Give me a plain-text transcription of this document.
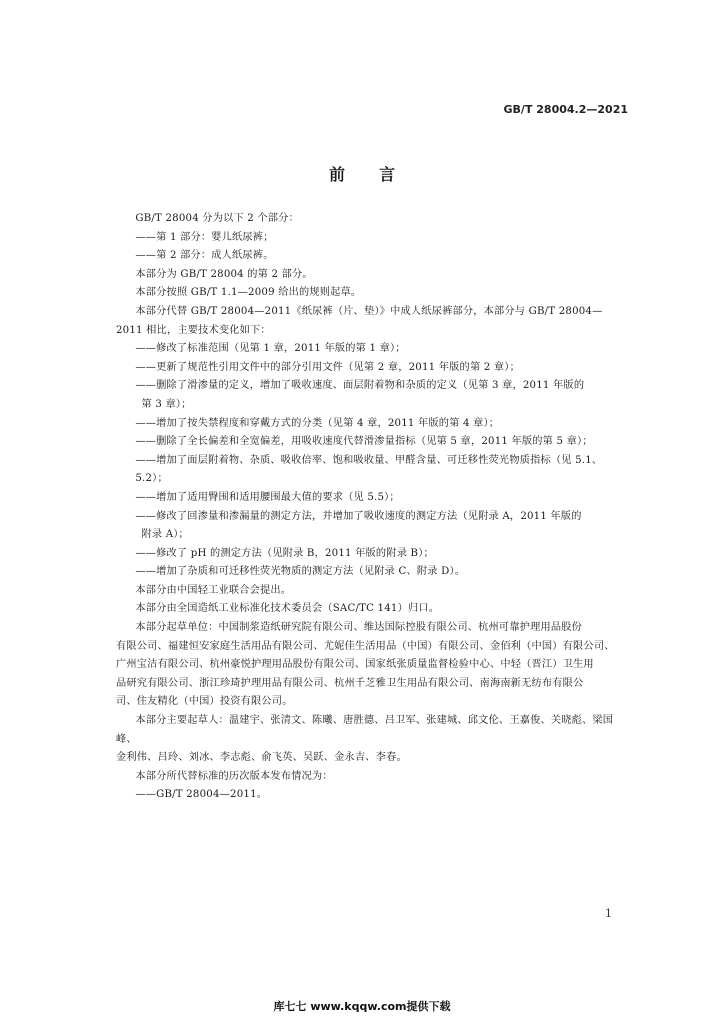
GB/T 28004.2—2021
前言

GB/T 28004 分为以下 2 个部分：

——第 1 部分：婴儿纸尿裤；

——第 2 部分：成人纸尿裤。

本部分为 GB/T 28004 的第 2 部分。

本部分按照 GB/T 1.1—2009 给出的规则起草。

本部分代替 GB/T 28004—2011《纸尿裤（片、垫）》中成人纸尿裤部分，本部分与 GB/T 28004—

2011 相比，主要技术变化如下：

——修改了标准范围（见第 1 章，2011 年版的第 1 章）；

——更新了规范性引用文件中的部分引用文件（见第 2 章，2011 年版的第 2 章）；

——删除了滑渗量的定义，增加了吸收速度、面层附着物和杂质的定义（见第 3 章，2011 年版的

第 3 章）；

——增加了按失禁程度和穿戴方式的分类（见第 4 章，2011 年版的第 4 章）；

——删除了全长偏差和全宽偏差，用吸收速度代替滑渗量指标（见第 5 章，2011 年版的第 5 章）；

——增加了面层附着物、杂质、吸收倍率、饱和吸收量、甲醛含量、可迁移性荧光物质指标（见 5.1、5.2）；

——增加了适用臀围和适用腰围最大值的要求（见 5.5）；

——修改了回渗量和渗漏量的测定方法，并增加了吸收速度的测定方法（见附录 A，2011 年版的

附录 A）；

——修改了 pH 的测定方法（见附录 B，2011 年版的附录 B）；

——增加了杂质和可迁移性荧光物质的测定方法（见附录 C、附录 D）。

本部分由中国轻工业联合会提出。

本部分由全国造纸工业标准化技术委员会（SAC/TC 141）归口。

本部分起草单位：中国制浆造纸研究院有限公司、维达国际控股有限公司、杭州可靠护理用品股份

有限公司、福建恒安家庭生活用品有限公司、尤妮佳生活用品（中国）有限公司、金佰利（中国）有限公司、

广州宝洁有限公司、杭州豪悦护理用品股份有限公司、国家纸张质量监督检验中心、中轻（晋江）卫生用

品研究有限公司、浙江珍琦护理用品有限公司、杭州千芝雅卫生用品有限公司、南海南新无纺布有限公

司、住友精化（中国）投资有限公司。

本部分主要起草人：温建宇、张清文、陈曦、唐胜德、吕卫军、张建城、邱文伦、王嘉俊、关晓彪、梁国峰、

金利伟、吕玲、刘冰、李志彪、俞飞英、吴跃、金永吉、李春。

本部分所代替标准的历次版本发布情况为：

——GB/T 28004—2011。

1
库七七 www.kqqw.com提供下载
